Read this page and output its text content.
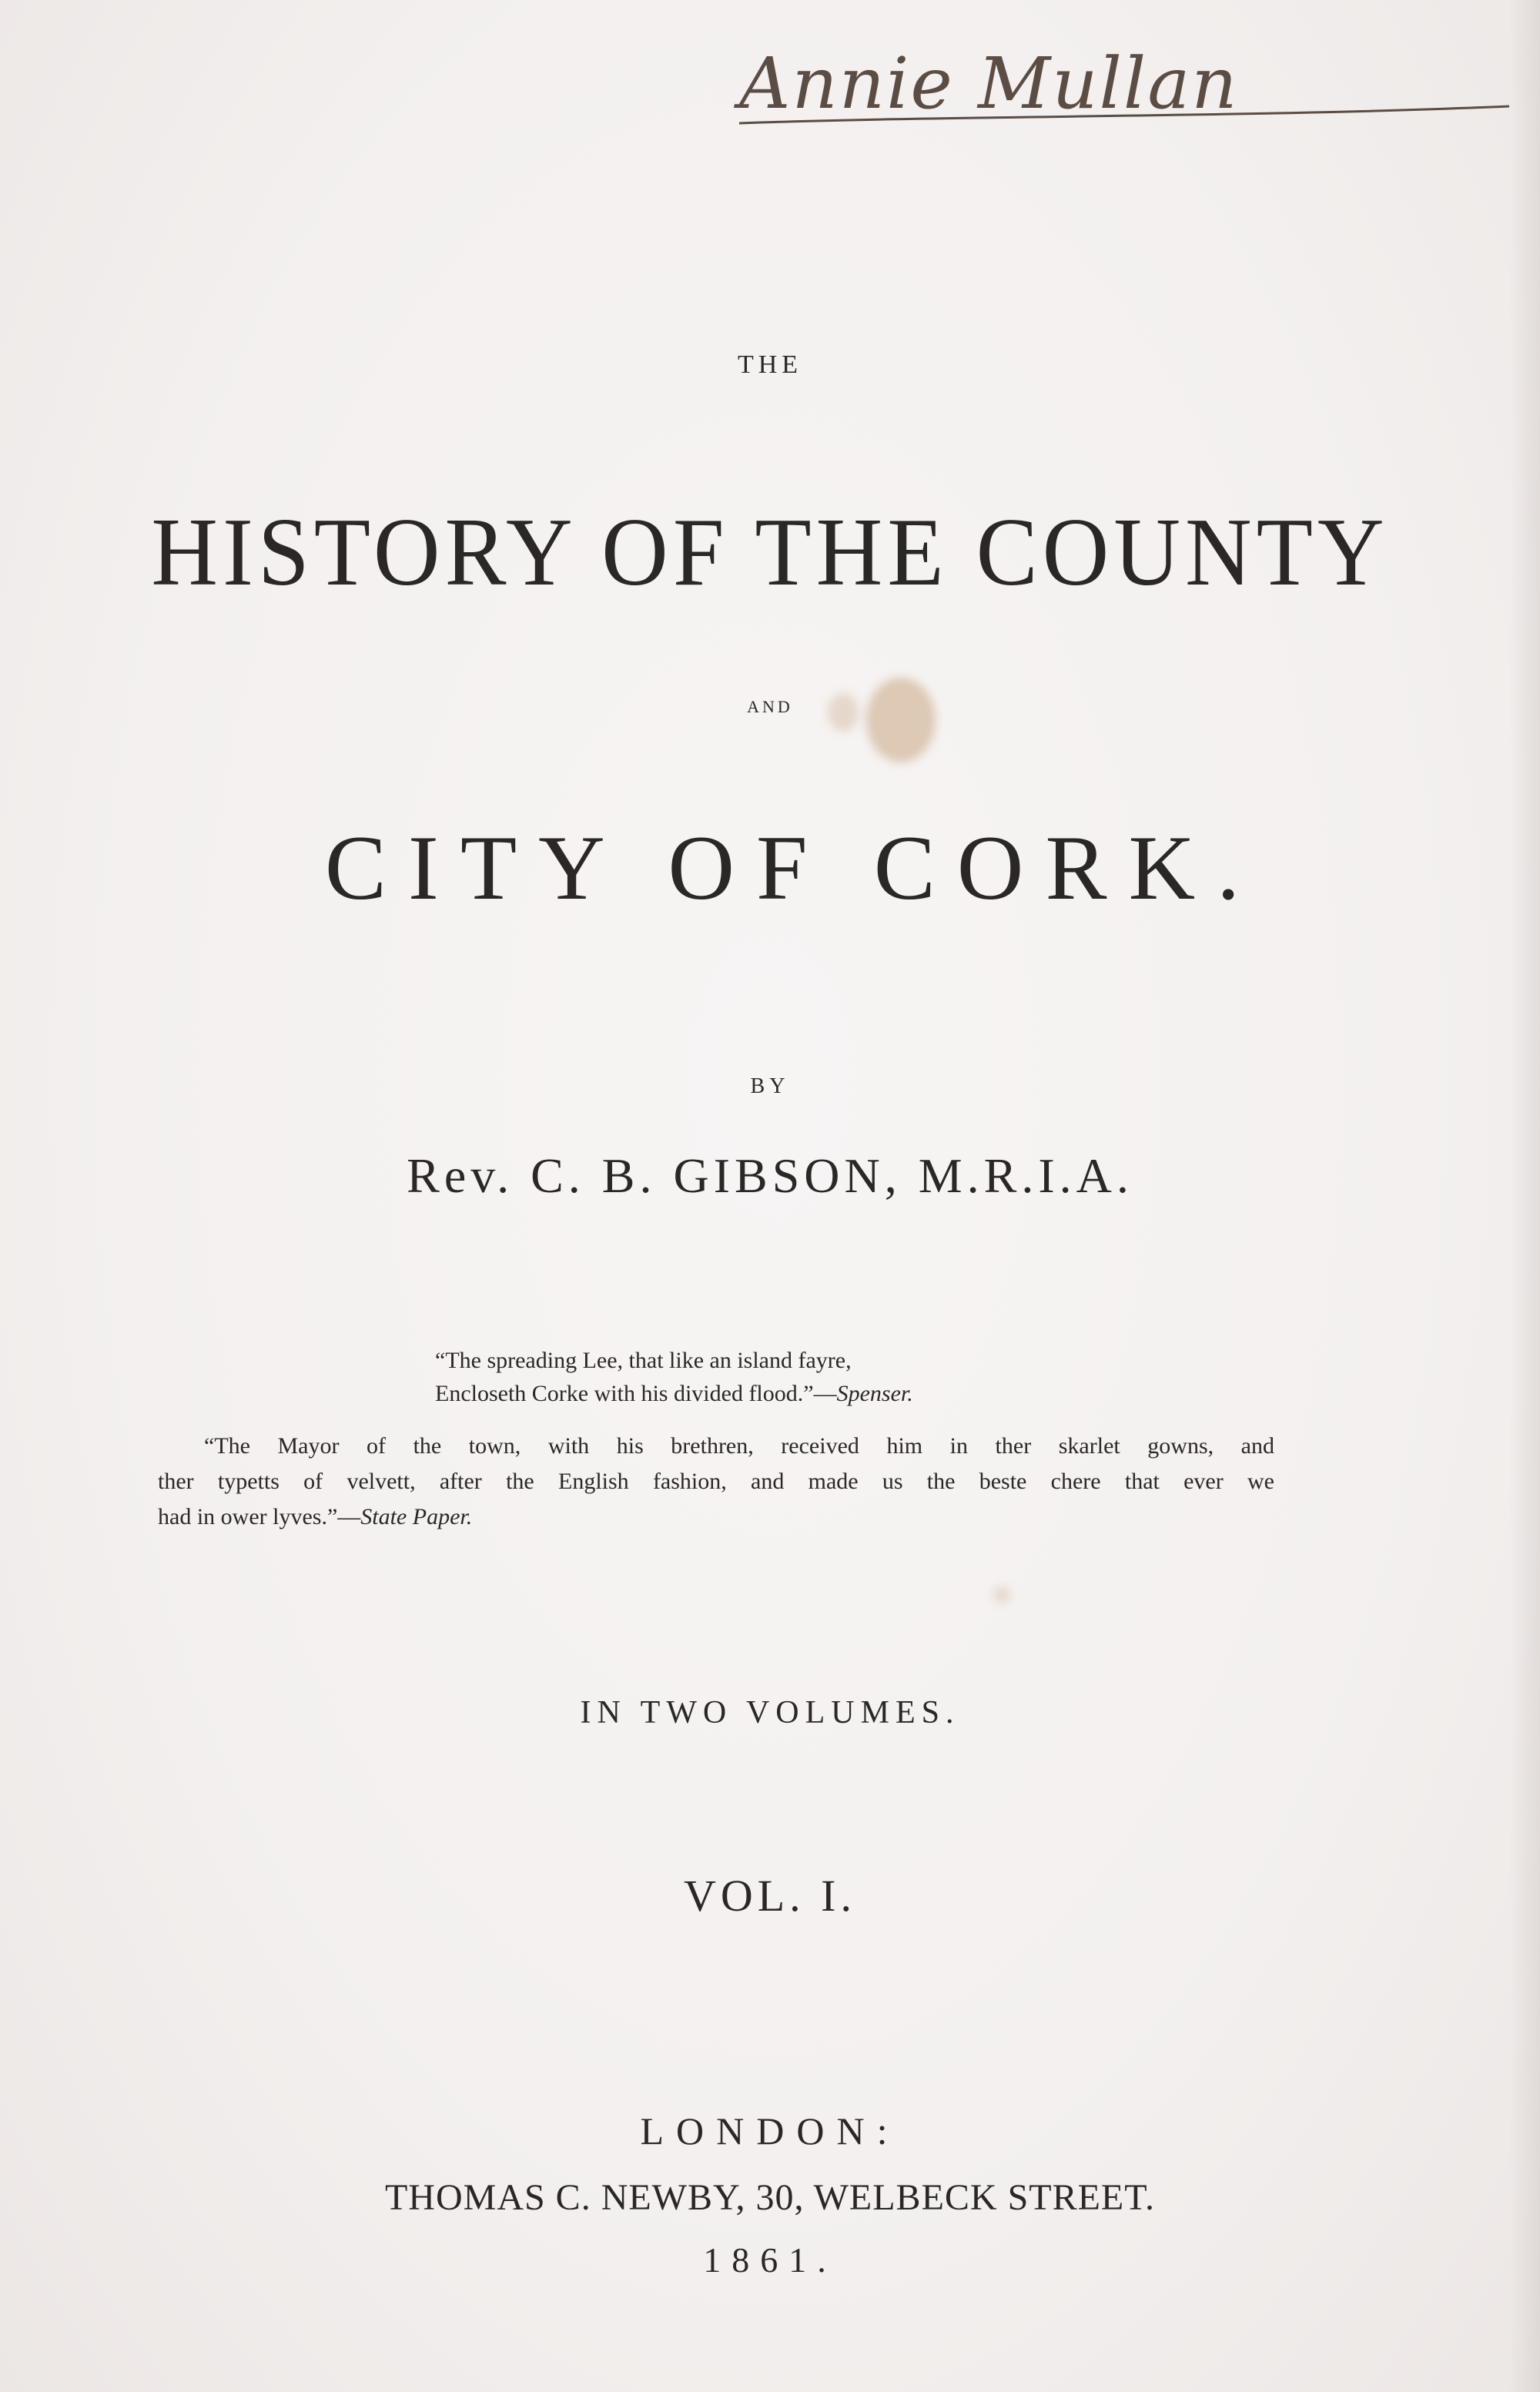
Annie Mullan
THE
HISTORY OF THE COUNTY
AND
CITY OF CORK.
BY
Rev. C. B. GIBSON, M.R.I.A.
“The spreading Lee, that like an island fayre,
Encloseth Corke with his divided flood.”—Spenser.
“The Mayor of the town, with his brethren, received him in ther skarlet gowns, and
ther typetts of velvett, after the English fashion, and made us the beste chere that ever we
had in ower lyves.”—State Paper.
IN TWO VOLUMES.
VOL. I.
LONDON:
THOMAS C. NEWBY, 30, WELBECK STREET.
1861.
